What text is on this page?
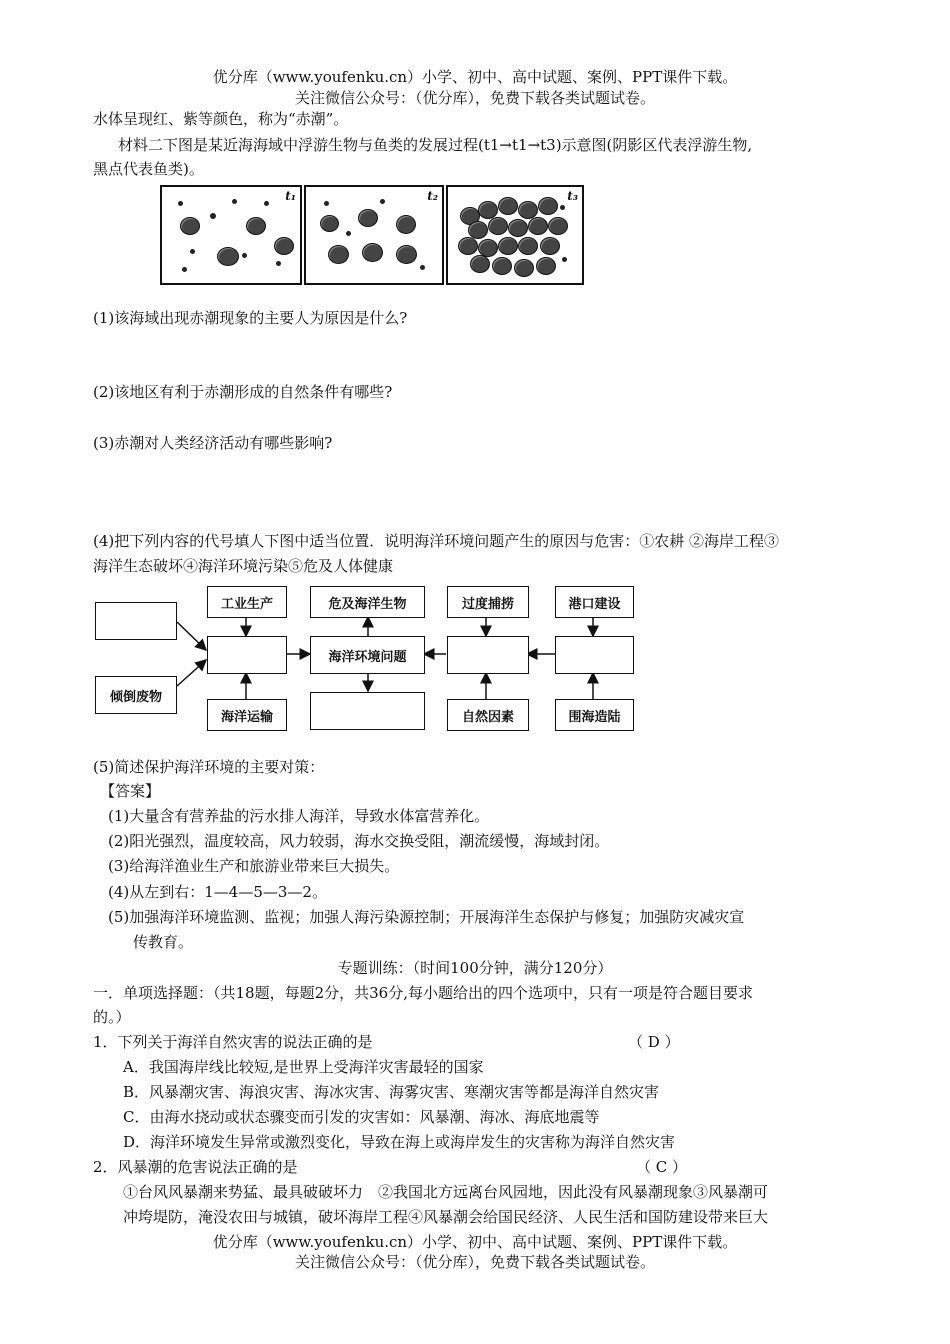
优分库（www.youfenku.cn）小学、初中、高中试题、案例、PPT课件下载。
关注微信公众号：（优分库），免费下载各类试题试卷。
水体呈现红、紫等颜色，称为“赤潮”。
材料二下图是某近海海域中浮游生物与鱼类的发展过程(t1→t1→t3)示意图(阴影区代表浮游生物,
黑点代表鱼类)。
t₁	t₂	t₃
(1)该海域出现赤潮现象的主要人为原因是什么?
(2)该地区有利于赤潮形成的自然条件有哪些?
(3)赤潮对人类经济活动有哪些影响?
(4)把下列内容的代号填人下图中适当位置．说明海洋环境问题产生的原因与危害：①农耕 ②海岸工程③
海洋生态破坏④海洋环境污染⑤危及人体健康
倾倒废物
工业生产
海洋运输
危及海洋生物
海洋环境问题
过度捕捞
自然因素
港口建设
围海造陆
(5)简述保护海洋环境的主要对策：
【答案】
(1)大量含有营养盐的污水排人海洋，导致水体富营养化。
(2)阳光强烈，温度较高，风力较弱，海水交换受阻，潮流缓慢，海域封闭。
(3)给海洋渔业生产和旅游业带来巨大损失。
(4)从左到右：1—4—5—3—2。
(5)加强海洋环境监测、监视；加强人海污染源控制；开展海洋生态保护与修复；加强防灾减灾宣
传教育。
专题训练：（时间100分钟，满分120分）
一．单项选择题：（共18题，每题2分，共36分,每小题给出的四个选项中，只有一项是符合题目要求
的。）
1．下列关于海洋自然灾害的说法正确的是	（ D ）
A．我国海岸线比较短,是世界上受海洋灾害最轻的国家
B．风暴潮灾害、海浪灾害、海冰灾害、海雾灾害、寒潮灾害等都是海洋自然灾害
C．由海水挠动或状态骤变而引发的灾害如：风暴潮、海冰、海底地震等
D．海洋环境发生异常或激烈变化，导致在海上或海岸发生的灾害称为海洋自然灾害
2．风暴潮的危害说法正确的是	（ C ）
①台风风暴潮来势猛、最具破破坏力　②我国北方远离台风园地，因此没有风暴潮现象③风暴潮可
冲垮堤防，淹没农田与城镇，破坏海岸工程④风暴潮会给国民经济、人民生活和国防建设带来巨大
优分库（www.youfenku.cn）小学、初中、高中试题、案例、PPT课件下载。
关注微信公众号：（优分库），免费下载各类试题试卷。
